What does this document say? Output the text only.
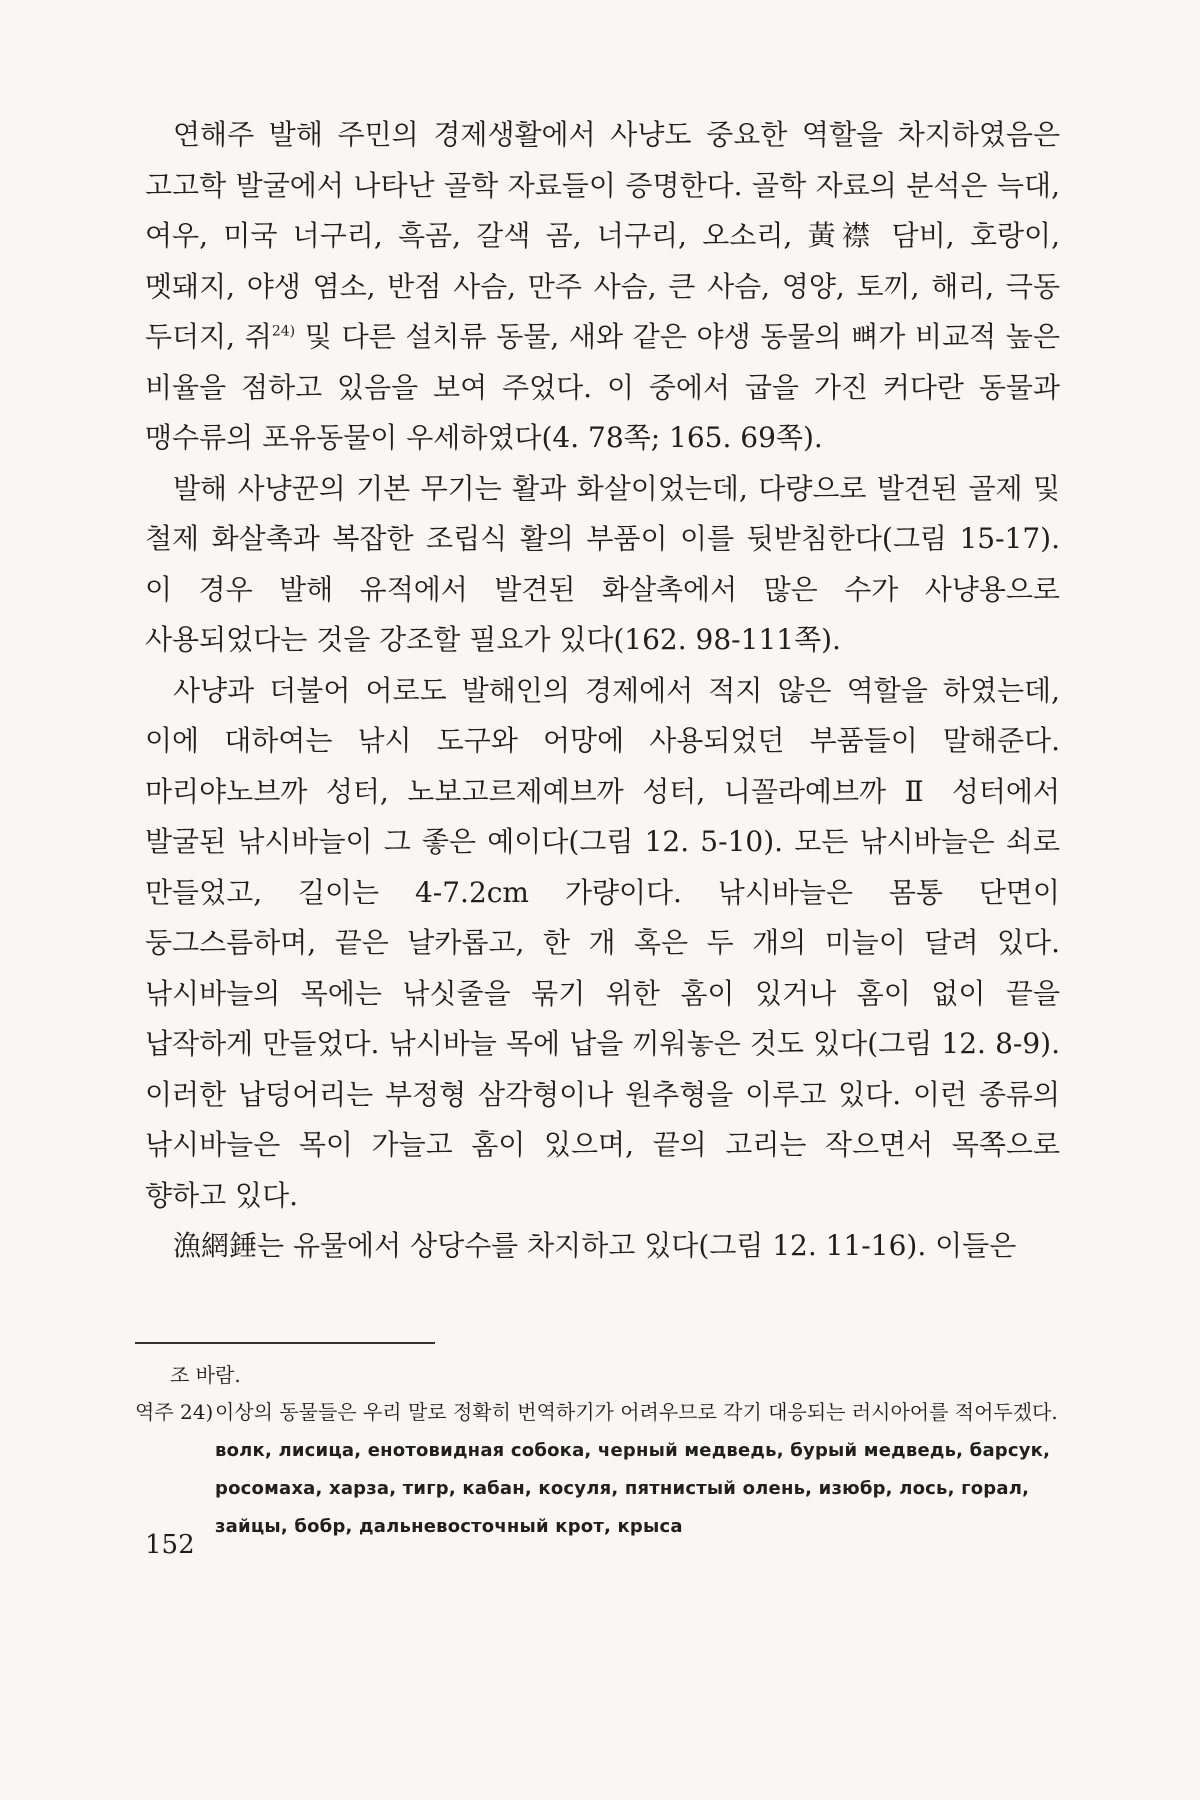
연해주 발해 주민의 경제생활에서 사냥도 중요한 역할을 차지하였음은 고고학 발굴에서 나타난 골학 자료들이 증명한다. 골학 자료의 분석은 늑대, 여우, 미국 너구리, 흑곰, 갈색 곰, 너구리, 오소리, 黃襟 담비, 호랑이, 멧돼지, 야생 염소, 반점 사슴, 만주 사슴, 큰 사슴, 영양, 토끼, 해리, 극동 두더지, 쥐$^{24)}$ 및 다른 설치류 동물, 새와 같은 야생 동물의 뼈가 비교적 높은 비율을 점하고 있음을 보여 주었다. 이 중에서 굽을 가진 커다란 동물과 맹수류의 포유동물이 우세하였다(4. 78쪽; 165. 69쪽).

발해 사냥꾼의 기본 무기는 활과 화살이었는데, 다량으로 발견된 골제 및 철제 화살촉과 복잡한 조립식 활의 부품이 이를 뒷받침한다(그림 15-17). 이 경우 발해 유적에서 발견된 화살촉에서 많은 수가 사냥용으로 사용되었다는 것을 강조할 필요가 있다(162. 98-111쪽).

사냥과 더불어 어로도 발해인의 경제에서 적지 않은 역할을 하였는데, 이에 대하여는 낚시 도구와 어망에 사용되었던 부품들이 말해준다. 마리야노브까 성터, 노보고르제예브까 성터, 니꼴라예브까 Ⅱ 성터에서 발굴된 낚시바늘이 그 좋은 예이다(그림 12. 5-10). 모든 낚시바늘은 쇠로 만들었고, 길이는 4-7.2cm 가량이다. 낚시바늘은 몸통 단면이 둥그스름하며, 끝은 날카롭고, 한 개 혹은 두 개의 미늘이 달려 있다. 낚시바늘의 목에는 낚싯줄을 묶기 위한 홈이 있거나 홈이 없이 끝을 납작하게 만들었다. 낚시바늘 목에 납을 끼워놓은 것도 있다(그림 12. 8-9). 이러한 납덩어리는 부정형 삼각형이나 원추형을 이루고 있다. 이런 종류의 낚시바늘은 목이 가늘고 홈이 있으며, 끝의 고리는 작으면서 목쪽으로 향하고 있다.

漁網錘는 유물에서 상당수를 차지하고 있다(그림 12. 11-16). 이들은

조 바람.
역주 24) 이상의 동물들은 우리 말로 정확히 번역하기가 어려우므로 각기 대응되는 러시아어를 적어두겠다. волк, лисица, енотовидная собока, черный медведь, бурый медведь, барсук, росомаха, харза, тигр, кабан, косуля, пятнистый олень, изюбр, лось, горал, зайцы, бобр, дальневосточный крот, крыса
152
